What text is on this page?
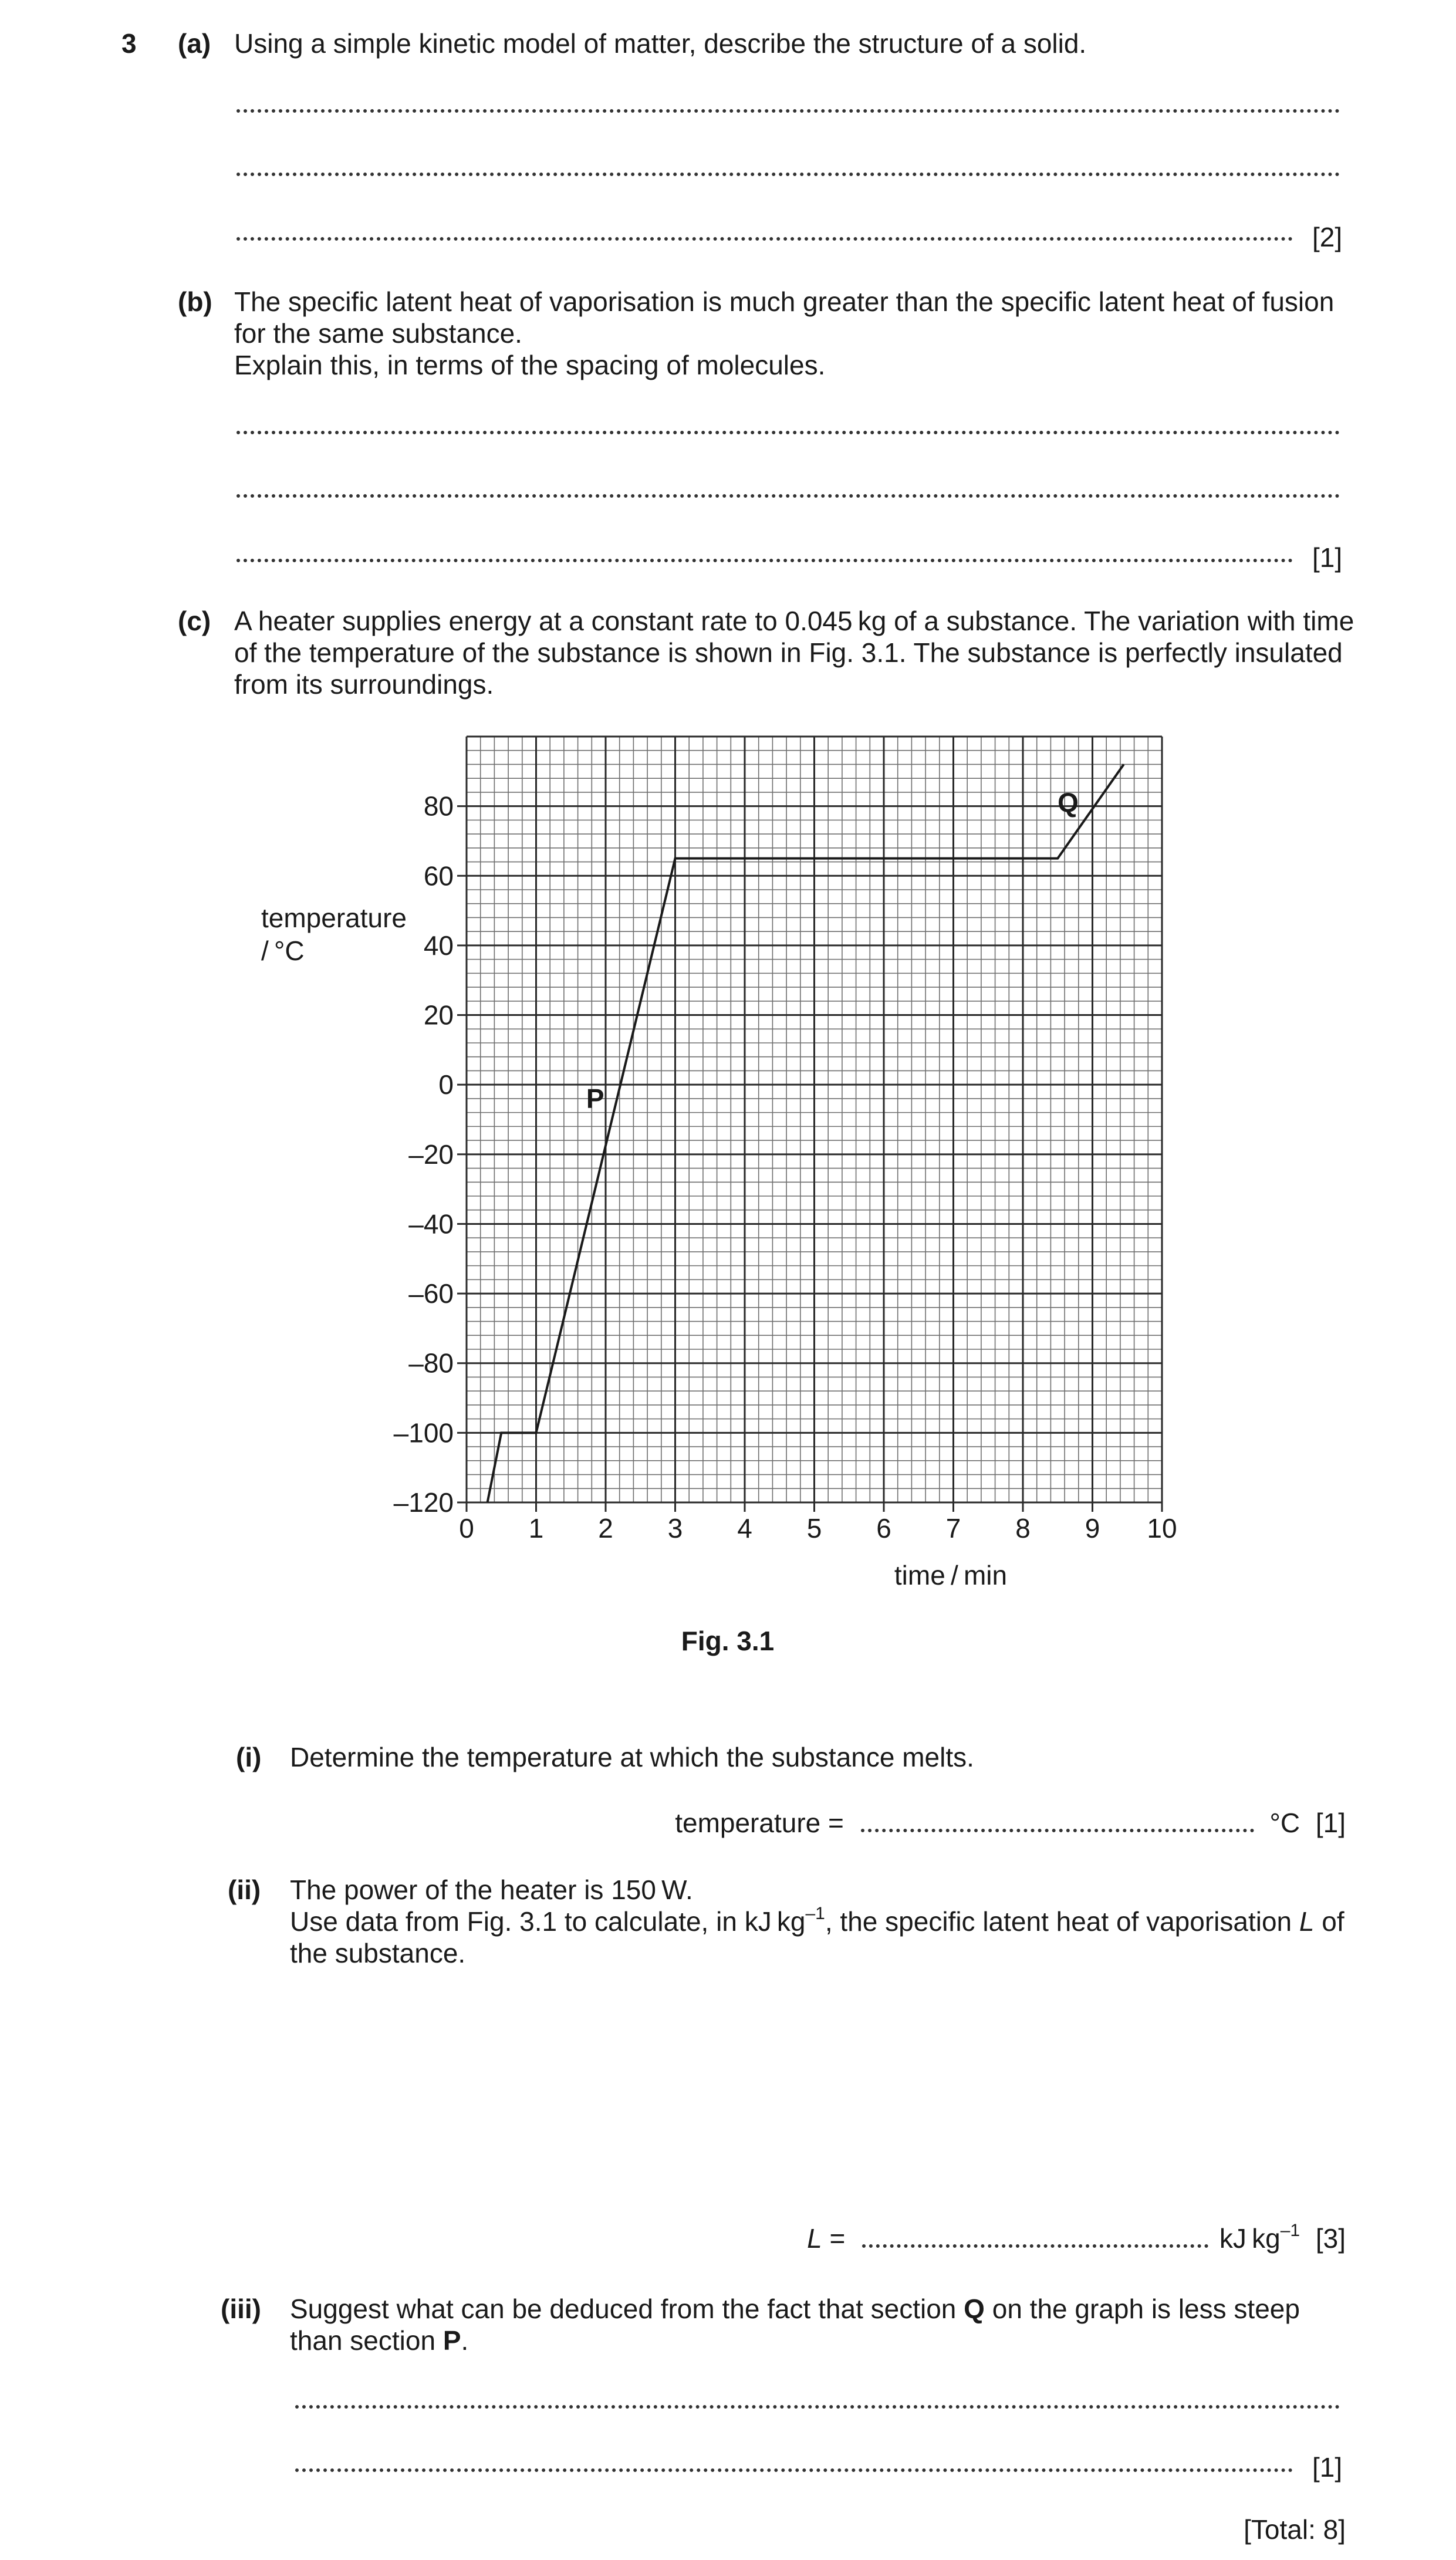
3 (a) Using a simple kinetic model of matter, describe the structure of a solid.
[2]
(b) The specific latent heat of vaporisation is much greater than the specific latent heat of fusion
for the same substance.
Explain this, in terms of the spacing of molecules.
[1]
(c) A heater supplies energy at a constant rate to 0.045 kg of a substance. The variation with time
of the temperature of the substance is shown in Fig. 3.1. The substance is perfectly insulated
from its surroundings.
80
60
40
20
0
–20
–40
–60
–80
–100
–120
0 1 2 3 4 5 6 7 8 9 10
P
Q
temperature
/ °C
time / min
Fig. 3.1
(i) Determine the temperature at which the substance melts.
temperature =	°C [1]
(ii) The power of the heater is 150 W.
Use data from Fig. 3.1 to calculate, in kJ $kg^{-1}$, the specific latent heat of vaporisation L of
the substance.
L =	kJ $kg^{-1}$ [3]
(iii) Suggest what can be deduced from the fact that section Q on the graph is less steep
than section P.
[1]
[Total: 8]
